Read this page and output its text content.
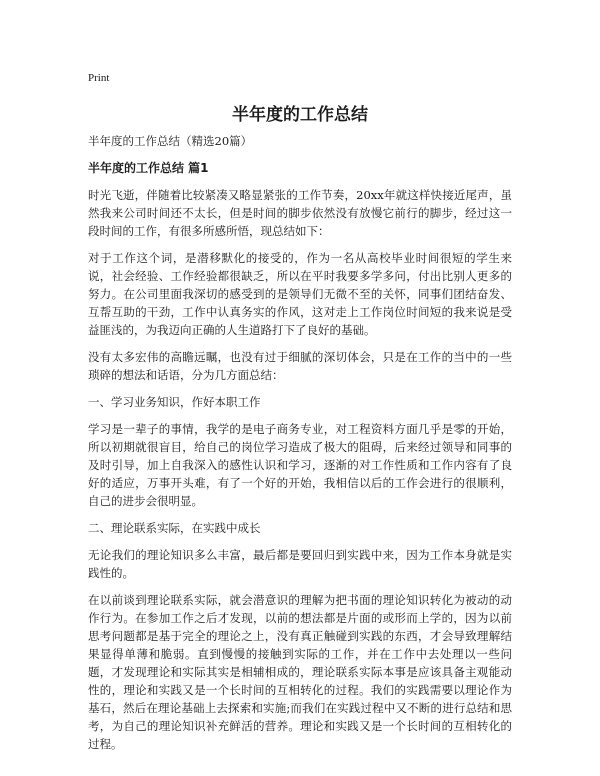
Print
半年度的工作总结

半年度的工作总结（精选20篇）

半年度的工作总结 篇1

时光飞逝，伴随着比较紧凑又略显紧张的工作节奏，20xx年就这样快接近尾声，虽然我来公司时间还不太长，但是时间的脚步依然没有放慢它前行的脚步，经过这一段时间的工作，有很多所感所悟，现总结如下：

对于工作这个词，是潜移默化的接受的，作为一名从高校毕业时间很短的学生来说，社会经验、工作经验都很缺乏，所以在平时我要多学多问，付出比别人更多的努力。在公司里面我深切的感受到的是领导们无微不至的关怀，同事们团结奋发、互帮互助的干劲，工作中认真务实的作风，这对走上工作岗位时间短的我来说是受益匪浅的，为我迈向正确的人生道路打下了良好的基础。

没有太多宏伟的高瞻远瞩，也没有过于细腻的深切体会，只是在工作的当中的一些琐碎的想法和话语，分为几方面总结：

一、学习业务知识，作好本职工作

学习是一辈子的事情，我学的是电子商务专业，对工程资料方面几乎是零的开始，所以初期就很盲目，给自己的岗位学习造成了极大的阻碍，后来经过领导和同事的及时引导，加上自我深入的感性认识和学习，逐渐的对工作性质和工作内容有了良好的适应，万事开头难，有了一个好的开始，我相信以后的工作会进行的很顺利，自己的进步会很明显。

二、理论联系实际，在实践中成长

无论我们的理论知识多么丰富，最后都是要回归到实践中来，因为工作本身就是实践性的。

在以前谈到理论联系实际，就会潜意识的理解为把书面的理论知识转化为被动的动作行为。在参加工作之后才发现，以前的想法都是片面的或形而上学的，因为以前思考问题都是基于完全的理论之上，没有真正触碰到实践的东西，才会导致理解结果显得单薄和脆弱。直到慢慢的接触到实际的工作，并在工作中去处理以一些问题，才发现理论和实际其实是相辅相成的，理论联系实际本事是应该具备主观能动性的，理论和实践又是一个长时间的互相转化的过程。我们的实践需要以理论作为基石，然后在理论基础上去探索和实施;而我们在实践过程中又不断的进行总结和思考，为自己的理论知识补充鲜活的营养。理论和实践又是一个长时间的互相转化的过程。
